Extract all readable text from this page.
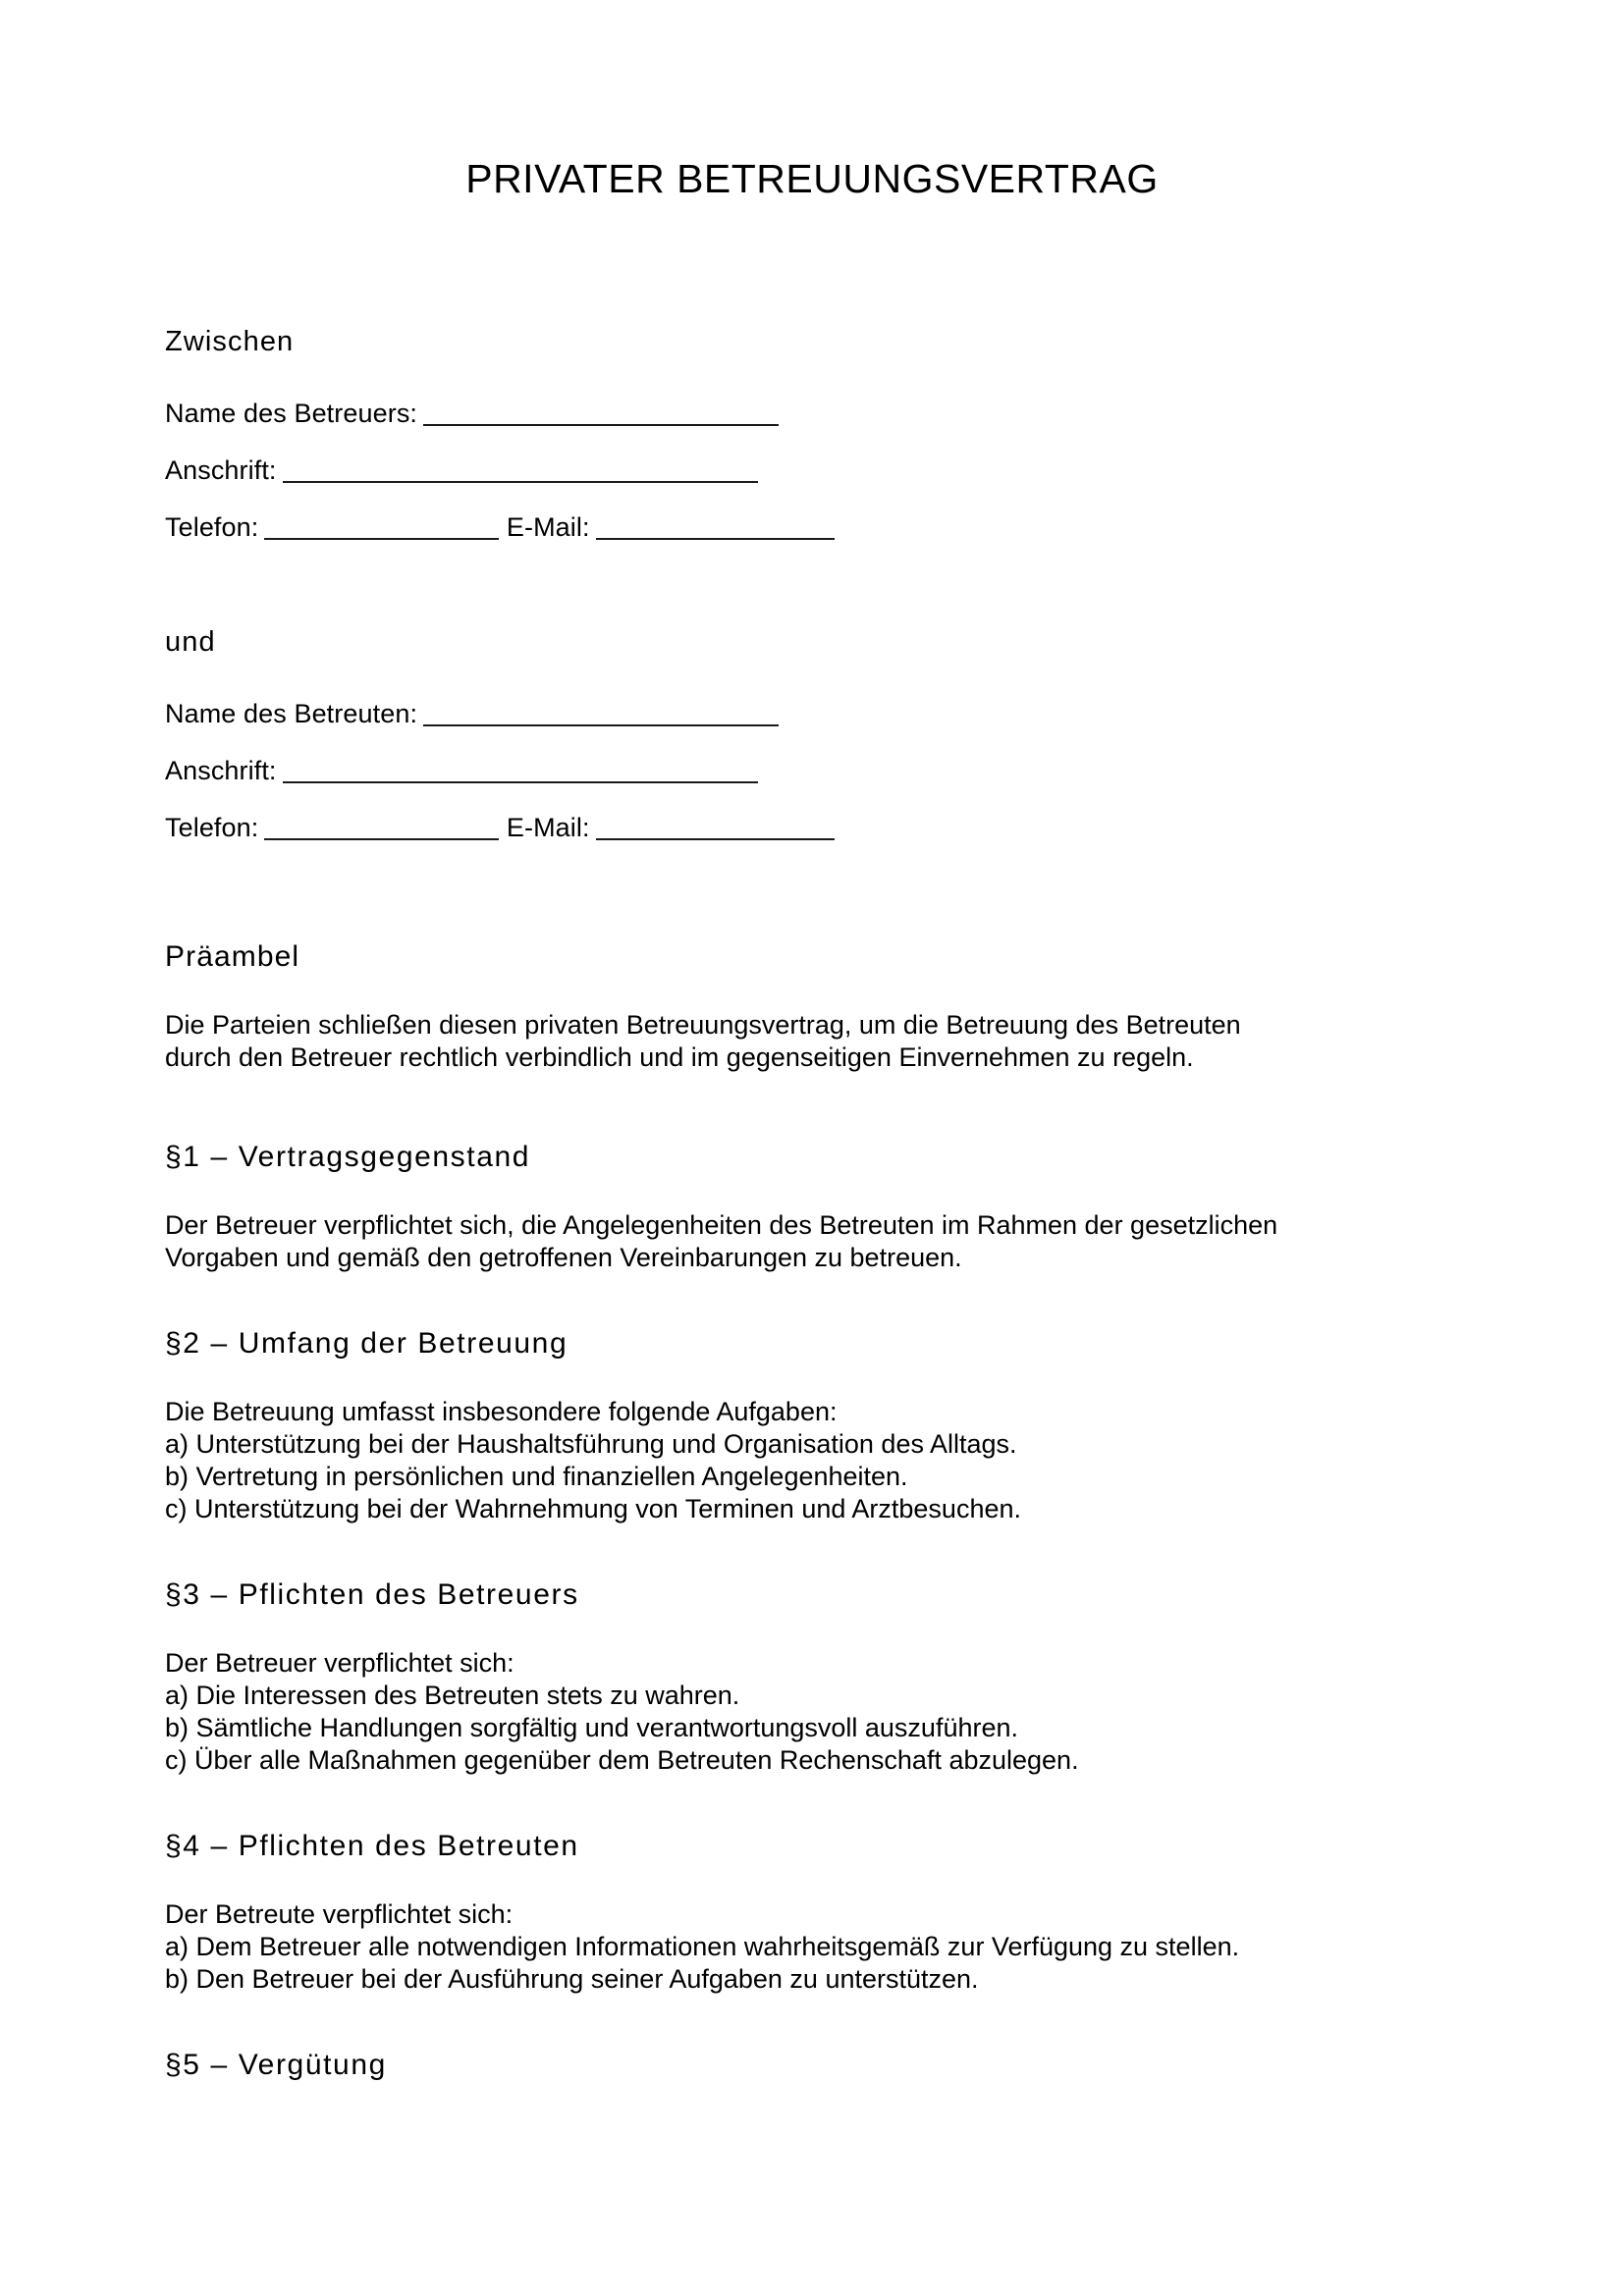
PRIVATER BETREUUNGSVERTRAG
Zwischen
Name des Betreuers:
Anschrift:
Telefon:	E-Mail:
und
Name des Betreuten:
Anschrift:
Telefon:	E-Mail:
Präambel

Die Parteien schließen diesen privaten Betreuungsvertrag, um die Betreuung des Betreuten

durch den Betreuer rechtlich verbindlich und im gegenseitigen Einvernehmen zu regeln.

§1 – Vertragsgegenstand

Der Betreuer verpflichtet sich, die Angelegenheiten des Betreuten im Rahmen der gesetzlichen

Vorgaben und gemäß den getroffenen Vereinbarungen zu betreuen.

§2 – Umfang der Betreuung

Die Betreuung umfasst insbesondere folgende Aufgaben:

a) Unterstützung bei der Haushaltsführung und Organisation des Alltags.

b) Vertretung in persönlichen und finanziellen Angelegenheiten.

c) Unterstützung bei der Wahrnehmung von Terminen und Arztbesuchen.

§3 – Pflichten des Betreuers

Der Betreuer verpflichtet sich:

a) Die Interessen des Betreuten stets zu wahren.

b) Sämtliche Handlungen sorgfältig und verantwortungsvoll auszuführen.

c) Über alle Maßnahmen gegenüber dem Betreuten Rechenschaft abzulegen.

§4 – Pflichten des Betreuten

Der Betreute verpflichtet sich:

a) Dem Betreuer alle notwendigen Informationen wahrheitsgemäß zur Verfügung zu stellen.

b) Den Betreuer bei der Ausführung seiner Aufgaben zu unterstützen.

§5 – Vergütung
